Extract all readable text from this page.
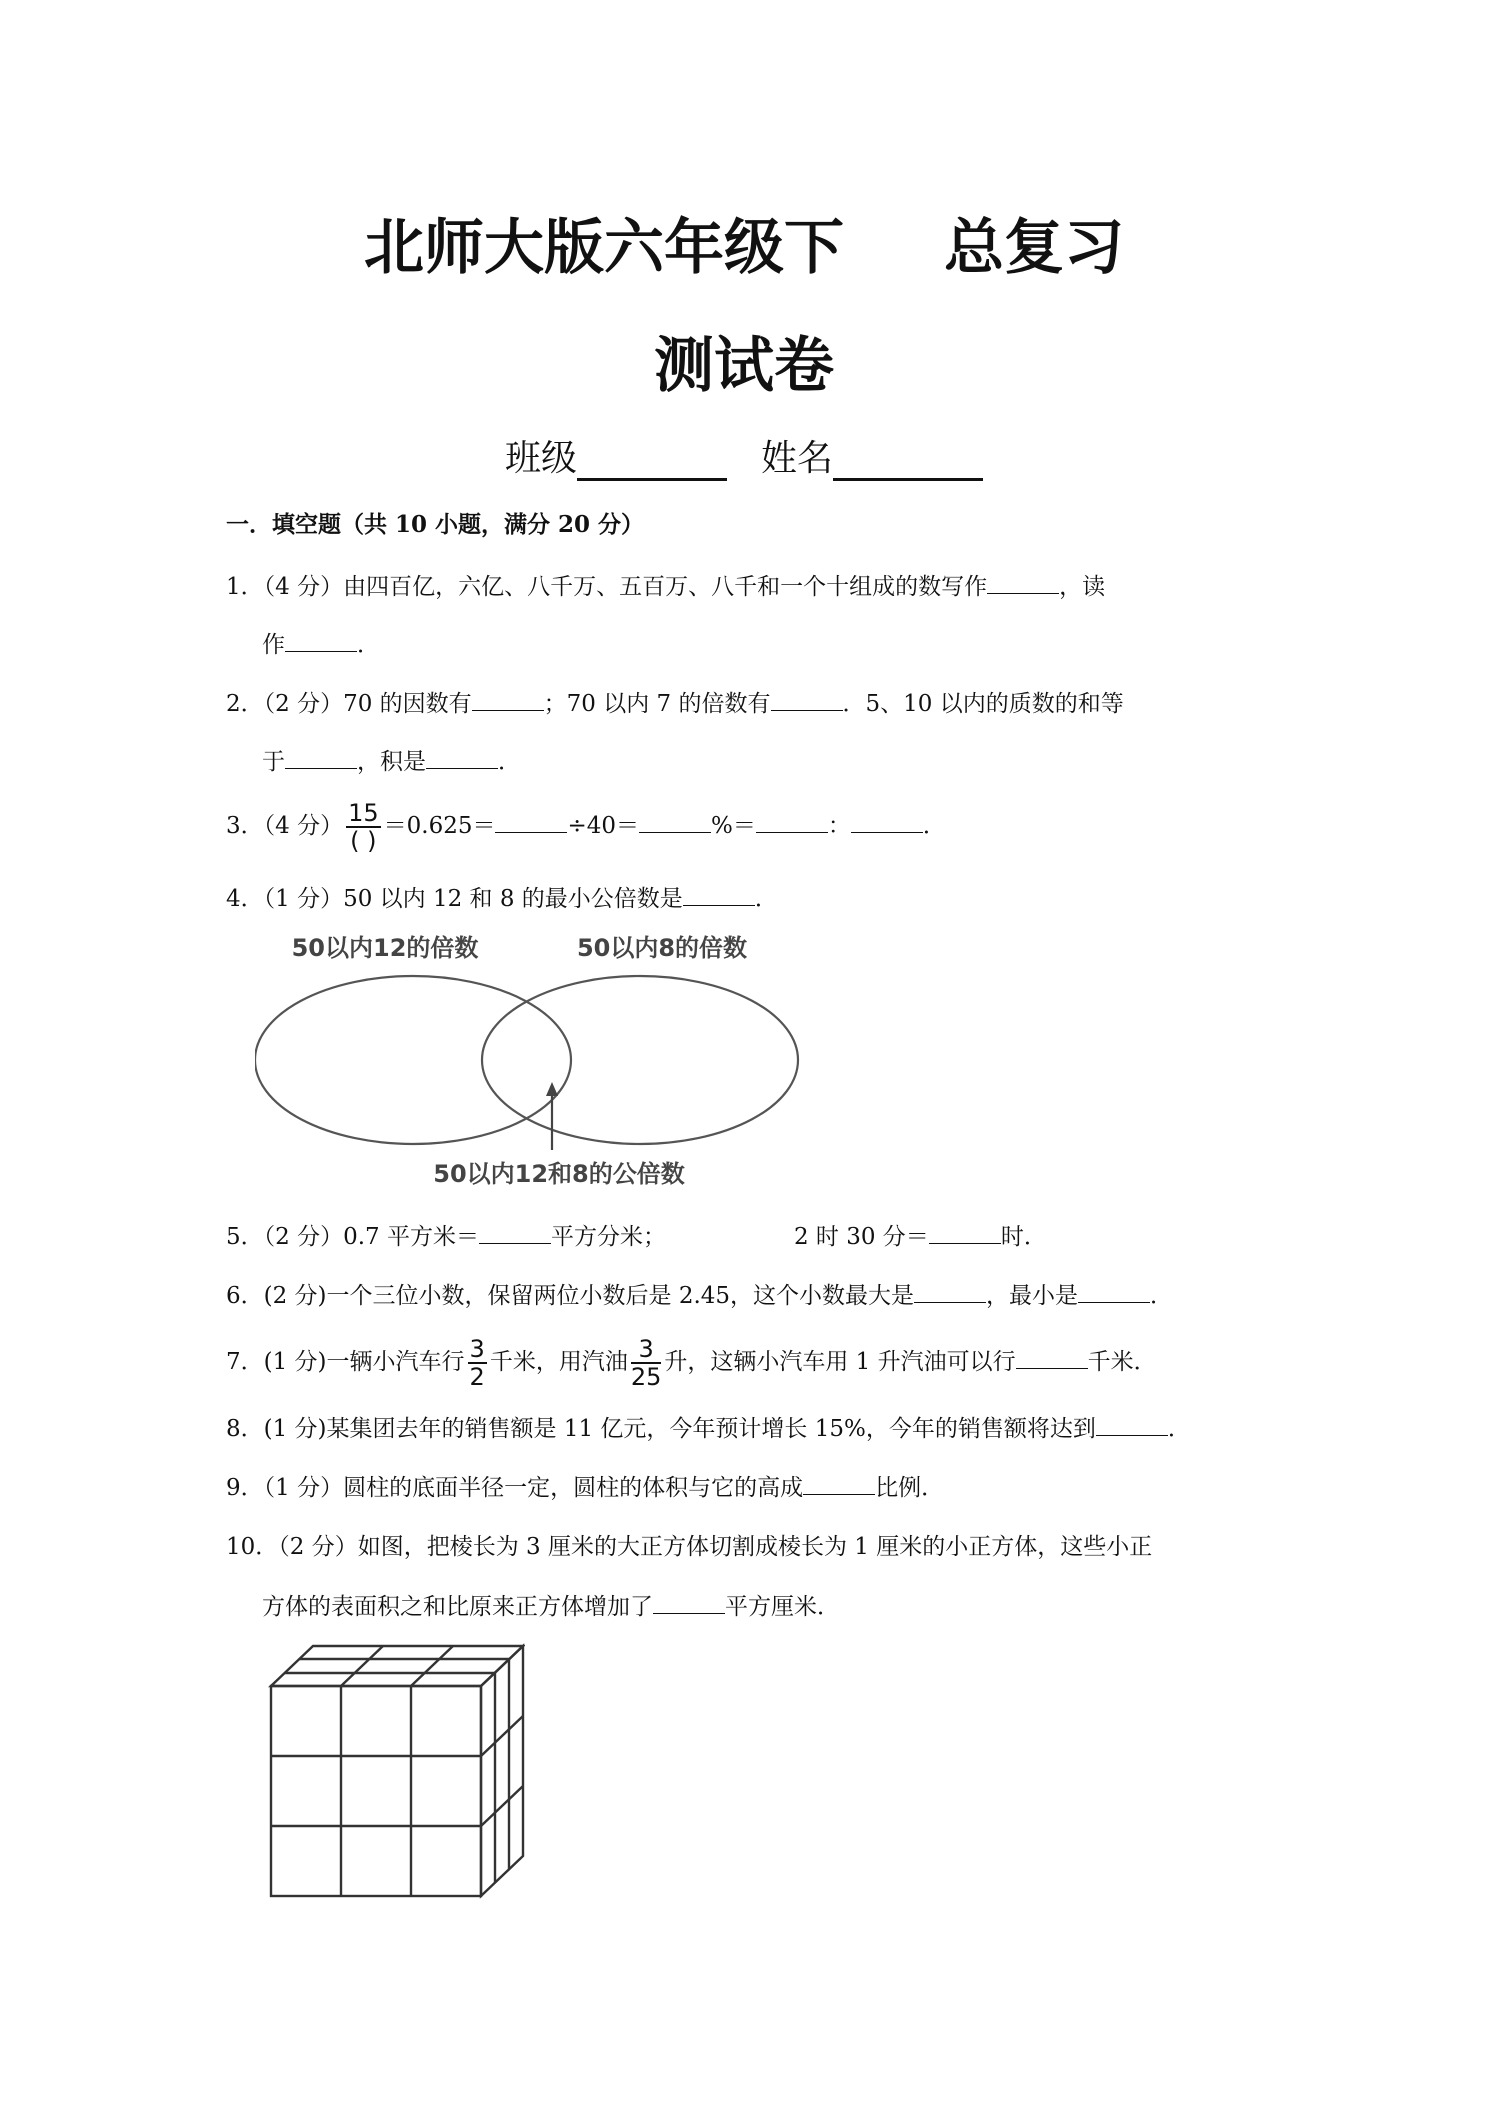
北师大版六年级下 总复习
测试卷
班级	姓名
一．填空题（共 10 小题，满分 20 分）
1．（4 分）由四百亿，六亿、八千万、五百万、八千和一个十组成的数写作	，读
作	．
2．（2 分）70 的因数有	；70 以内 7 的倍数有	．5、10 以内的质数的和等
于	，积是	．
3．（4 分） $\frac{15}{( )} =0.625=$	÷40＝	%＝	：	．
4．（1 分）50 以内 12 和 8 的最小公倍数是	．
50以内12的倍数	50以内8的倍数
50以内12和8的公倍数
5．（2 分）0.7 平方米＝	平方分米；	2 时 30 分＝	时．
6．(2 分)一个三位小数，保留两位小数后是 2.45，这个小数最大是	，最小是	．
7．(1 分)一辆小汽车行 $\frac{3}{2}$ 千米，用汽油 $\frac{3}{25}$ 升，这辆小汽车用 1 升汽油可以行	千米．
8．(1 分)某集团去年的销售额是 11 亿元，今年预计增长 15%，今年的销售额将达到	．
9．（1 分）圆柱的底面半径一定，圆柱的体积与它的高成	比例．
10．（2 分）如图，把棱长为 3 厘米的大正方体切割成棱长为 1 厘米的小正方体，这些小正
方体的表面积之和比原来正方体增加了	平方厘米．
